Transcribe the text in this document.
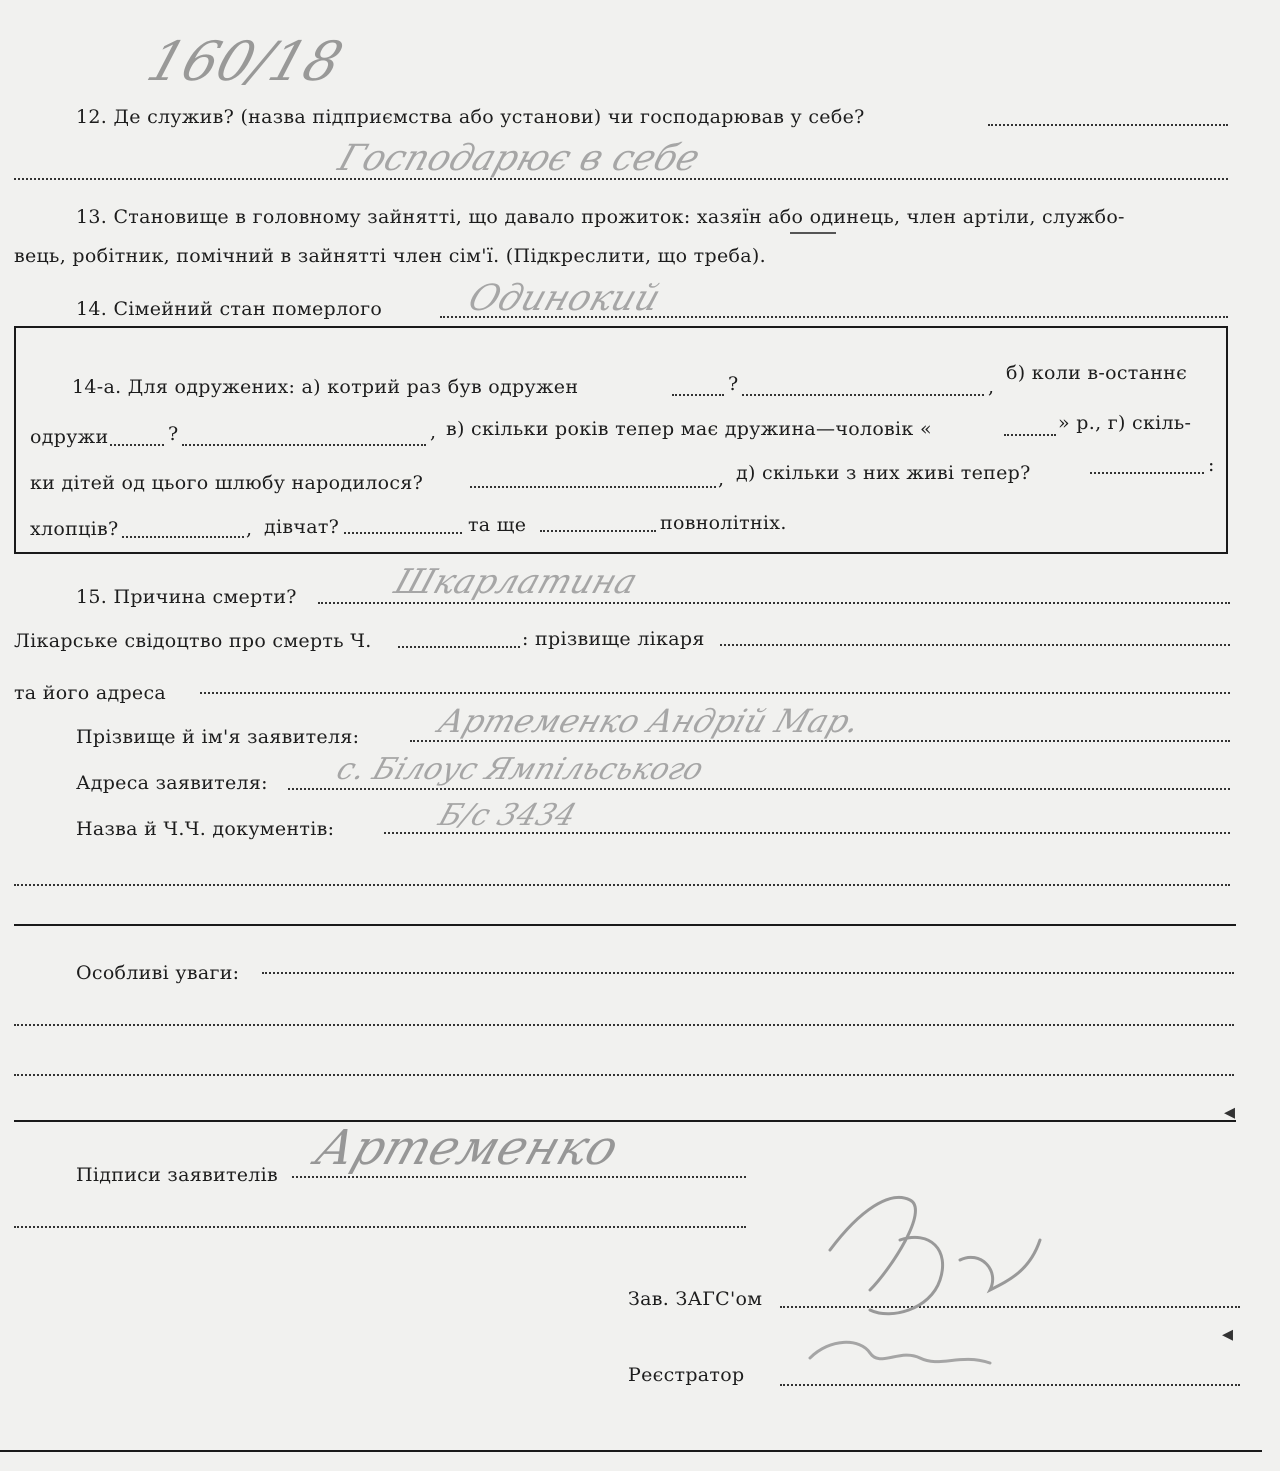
160/18
12. Де служив? (назва підприємства або установи) чи господарював у себе?
Господарює в себе
13. Становище в головному зайнятті, що давало прожиток: хазяїн або одинець, член артіли, службо-
вець, робітник, помічний в зайнятті член сім'ї. (Підкреслити, що треба).
14. Сімейний стан померлого Одинокий
14-а. Для одружених: а) котрий раз був одружен	?	,
б) коли в-останнє
одружи	?	, в) скільки років тепер має дружина—чоловік «	» р., г) скіль-
ки дітей од цього шлюбу народилося?	, д) скільки з них живі тепер?	:
хлопців?	, дівчат?	та ще	повнолітніх.
15. Причина смерти?	Шкарлатина
Лікарське свідоцтво про смерть Ч.	: прізвище лікаря
та його адреса
Прізвище й ім'я заявителя: Артеменко Андрій Мар.
Адреса заявителя: с. Білоус Ямпільського
Назва й Ч.Ч. документів:	Б/с 3434
Особливі уваги:
◂
Підписи заявителів Артеменко
Зав. ЗАГС'ом
Реєстратор
◂
